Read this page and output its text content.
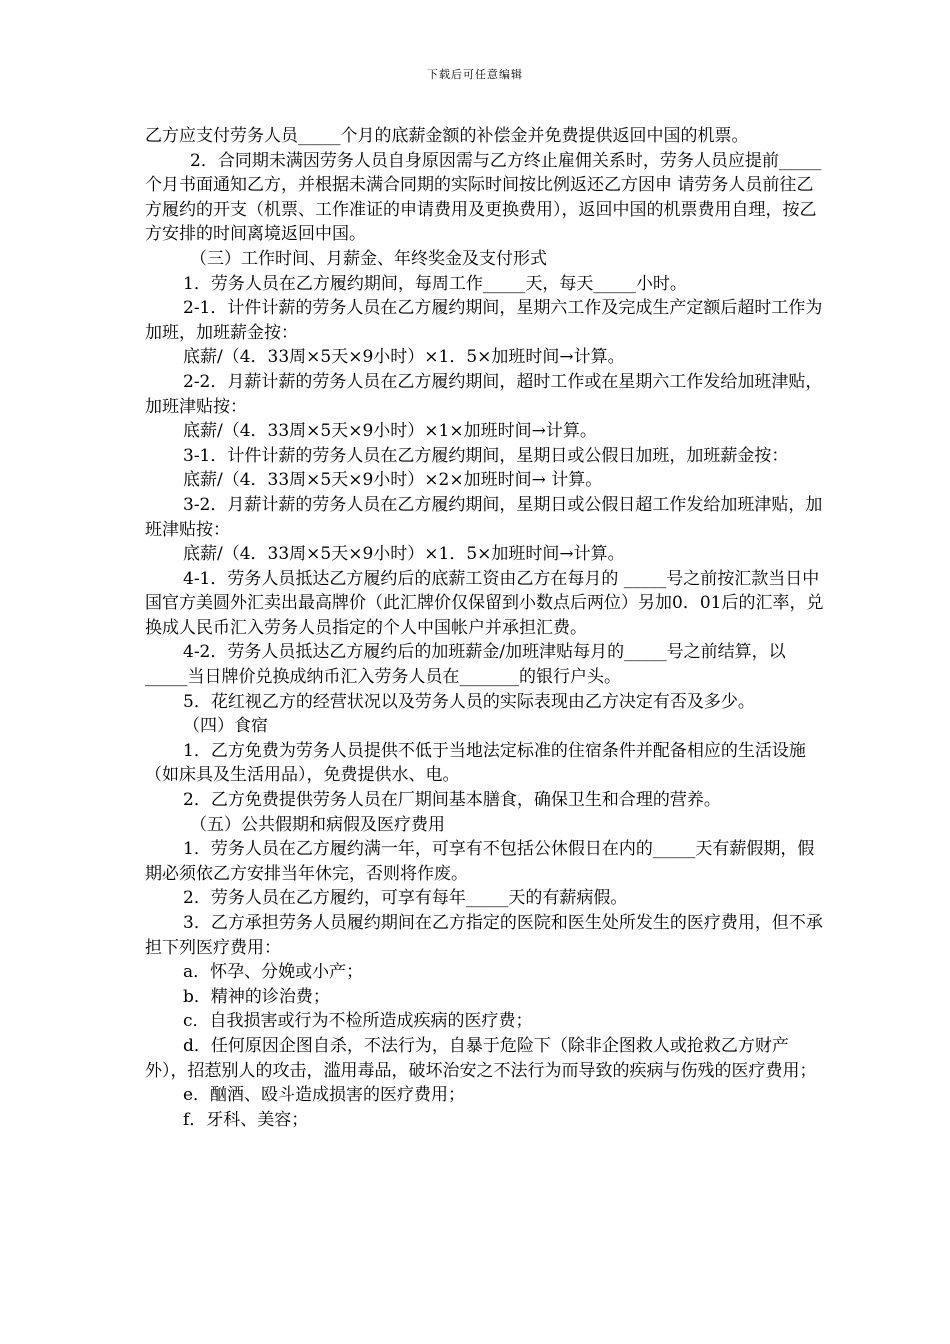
下载后可任意编辑

乙方应支付劳务人员_____个月的底薪金额的补偿金并免费提供返回中国的机票。

2．合同期未满因劳务人员自身原因需与乙方终止雇佣关系时，劳务人员应提前_____个月书面通知乙方，并根据未满合同期的实际时间按比例返还乙方因申 请劳务人员前往乙方履约的开支（机票、工作准证的申请费用及更换费用），返回中国的机票费用自理，按乙方安排的时间离境返回中国。

（三）工作时间、月薪金、年终奖金及支付形式

1．劳务人员在乙方履约期间，每周工作_____天，每天_____小时。

2-1．计件计薪的劳务人员在乙方履约期间，星期六工作及完成生产定额后超时工作为加班，加班薪金按：

底薪/（4．33周×5天×9小时）×1．5×加班时间→计算。

2-2．月薪计薪的劳务人员在乙方履约期间，超时工作或在星期六工作发给加班津贴，加班津贴按：

底薪/（4．33周×5天×9小时）×1×加班时间→计算。

3-1．计件计薪的劳务人员在乙方履约期间，星期日或公假日加班，加班薪金按：

底薪/（4．33周×5天×9小时）×2×加班时间→ 计算。

3-2．月薪计薪的劳务人员在乙方履约期间，星期日或公假日超工作发给加班津贴，加班津贴按：

底薪/（4．33周×5天×9小时）×1．5×加班时间→计算。

4-1．劳务人员抵达乙方履约后的底薪工资由乙方在每月的 _____号之前按汇款当日中国官方美圆外汇卖出最高牌价（此汇牌价仅保留到小数点后两位）另加0．01后的汇率，兑换成人民币汇入劳务人员指定的个人中国帐户并承担汇费。

4-2．劳务人员抵达乙方履约后的加班薪金/加班津贴每月的_____号之前结算，以_____当日牌价兑换成纳币汇入劳务人员在_______的银行户头。

5．花红视乙方的经营状况以及劳务人员的实际表现由乙方决定有否及多少。

（四）食宿

1．乙方免费为劳务人员提供不低于当地法定标准的住宿条件并配备相应的生活设施（如床具及生活用品），免费提供水、电。

2．乙方免费提供劳务人员在厂期间基本膳食，确保卫生和合理的营养。

（五）公共假期和病假及医疗费用

1．劳务人员在乙方履约满一年，可享有不包括公休假日在内的_____天有薪假期，假期必须依乙方安排当年休完，否则将作废。

2．劳务人员在乙方履约，可享有每年_____天的有薪病假。

3．乙方承担劳务人员履约期间在乙方指定的医院和医生处所发生的医疗费用，但不承担下列医疗费用：

a．怀孕、分娩或小产；

b．精神的诊治费；

c．自我损害或行为不检所造成疾病的医疗费；

d．任何原因企图自杀，不法行为，自暴于危险下（除非企图救人或抢救乙方财产外），招惹别人的攻击，滥用毒品，破坏治安之不法行为而导致的疾病与伤残的医疗费用；

e．酗酒、殴斗造成损害的医疗费用；

f．牙科、美容；
